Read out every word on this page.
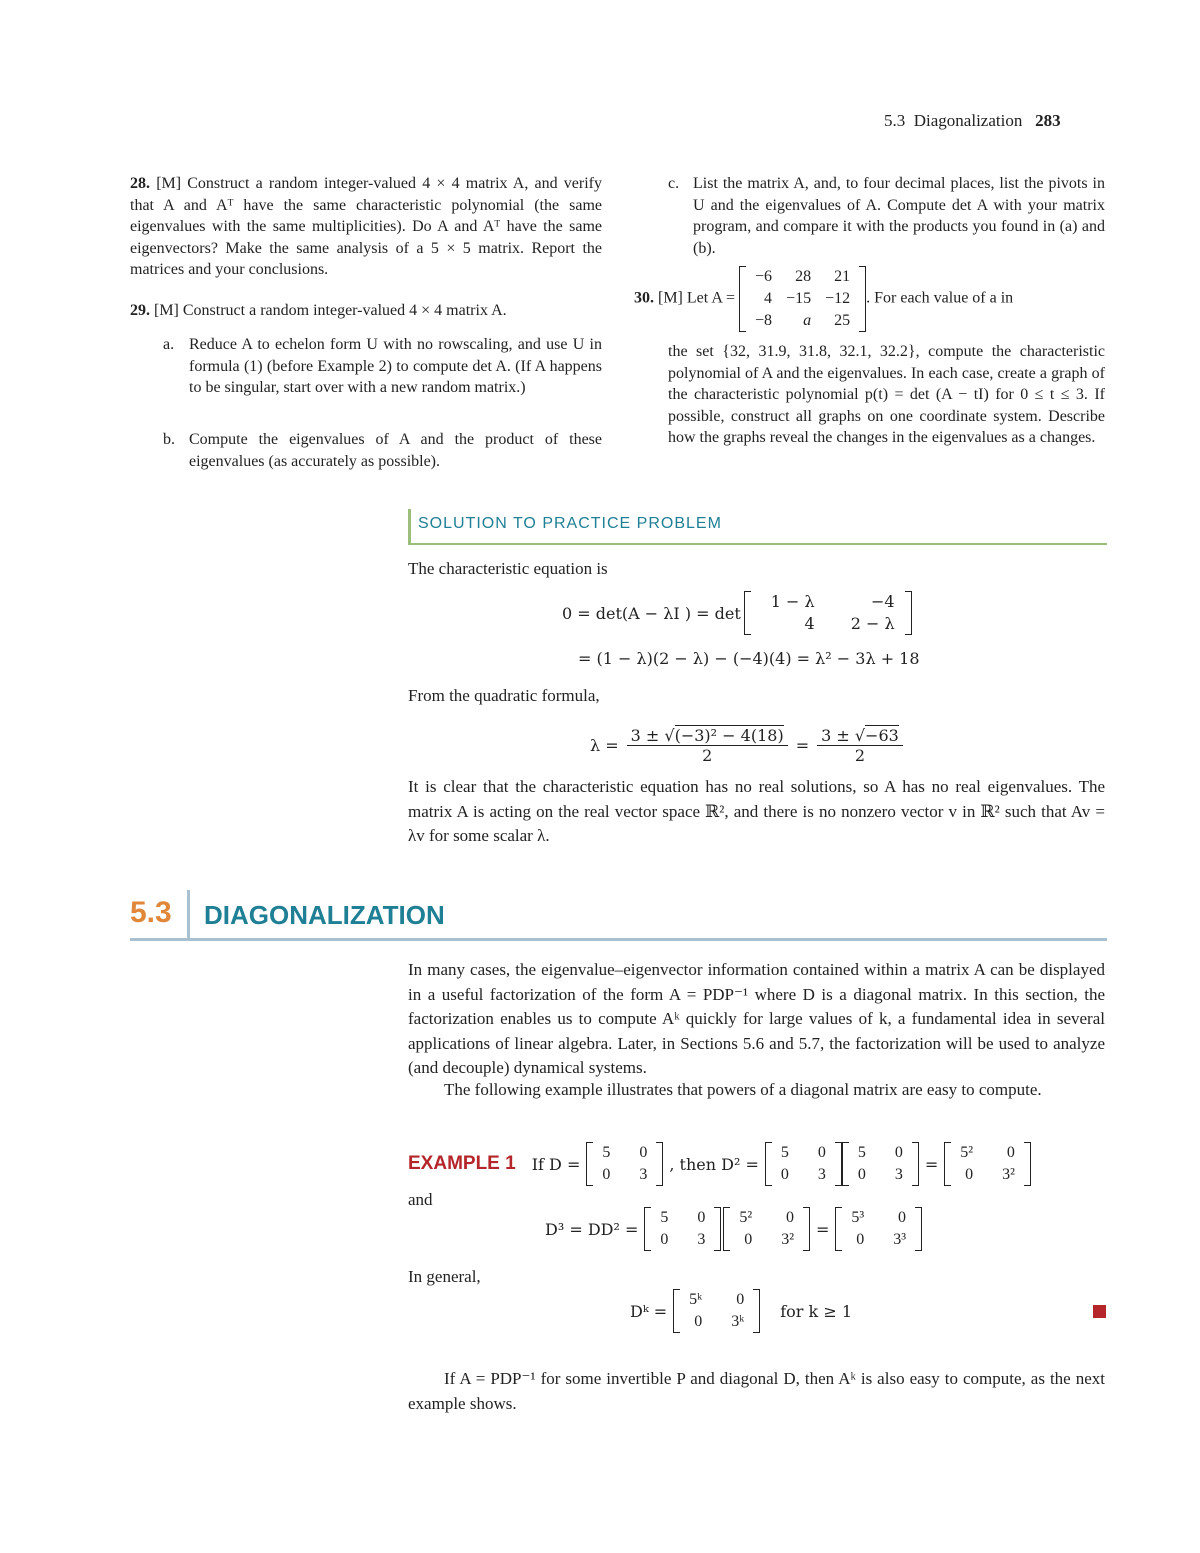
5.3 Diagonalization 283
28. [M] Construct a random integer-valued 4 × 4 matrix A, and verify that A and Aᵀ have the same characteristic polynomial (the same eigenvalues with the same multiplicities). Do A and Aᵀ have the same eigenvectors? Make the same analysis of a 5 × 5 matrix. Report the matrices and your conclusions.
29. [M] Construct a random integer-valued 4 × 4 matrix A.
a. Reduce A to echelon form U with no rowscaling, and use U in formula (1) (before Example 2) to compute det A. (If A happens to be singular, start over with a new random matrix.)
b. Compute the eigenvalues of A and the product of these eigenvalues (as accurately as possible).
c. List the matrix A, and, to four decimal places, list the pivots in U and the eigenvalues of A. Compute det A with your matrix program, and compare it with the products you found in (a) and (b).
30. [M] Let A =
−6	28	21
4	−15	−12
−8	a	25
. For each value of a in
the set {32, 31.9, 31.8, 32.1, 32.2}, compute the characteristic polynomial of A and the eigenvalues. In each case, create a graph of the characteristic polynomial p(t) = det (A − tI) for 0 ≤ t ≤ 3. If possible, construct all graphs on one coordinate system. Describe how the graphs reveal the changes in the eigenvalues as a changes.
SOLUTION TO PRACTICE PROBLEM
The characteristic equation is
0 = det(A − λI ) = det
1 − λ	−4
4	2 − λ
= (1 − λ)(2 − λ) − (−4)(4) = λ² − 3λ + 18
From the quadratic formula,
$\lambda = \frac{\text{3 ± √(−3)² − 4(18)}}{2} = \frac{3 \pm √-63}{2}$
It is clear that the characteristic equation has no real solutions, so A has no real eigenvalues. The matrix A is acting on the real vector space ℝ², and there is no nonzero vector v in ℝ² such that Av = λv for some scalar λ.
5.3 DIAGONALIZATION
In many cases, the eigenvalue–eigenvector information contained within a matrix A can be displayed in a useful factorization of the form A = PDP⁻¹ where D is a diagonal matrix. In this section, the factorization enables us to compute Aᵏ quickly for large values of k, a fundamental idea in several applications of linear algebra. Later, in Sections 5.6 and 5.7, the factorization will be used to analyze (and decouple) dynamical systems.
The following example illustrates that powers of a diagonal matrix are easy to compute.
EXAMPLE 1 If D =
5	0
0	3
, then D² =
5	0
0	3
5	0
0	3
=
5²	0
0	3²
and
D³ = DD² =
5	0
0	3
5²	0
0	3²
=
5³	0
0	3³
In general,
Dᵏ =
5ᵏ	0
0	3ᵏ
for k ≥ 1
If A = PDP⁻¹ for some invertible P and diagonal D, then Aᵏ is also easy to compute, as the next example shows.
